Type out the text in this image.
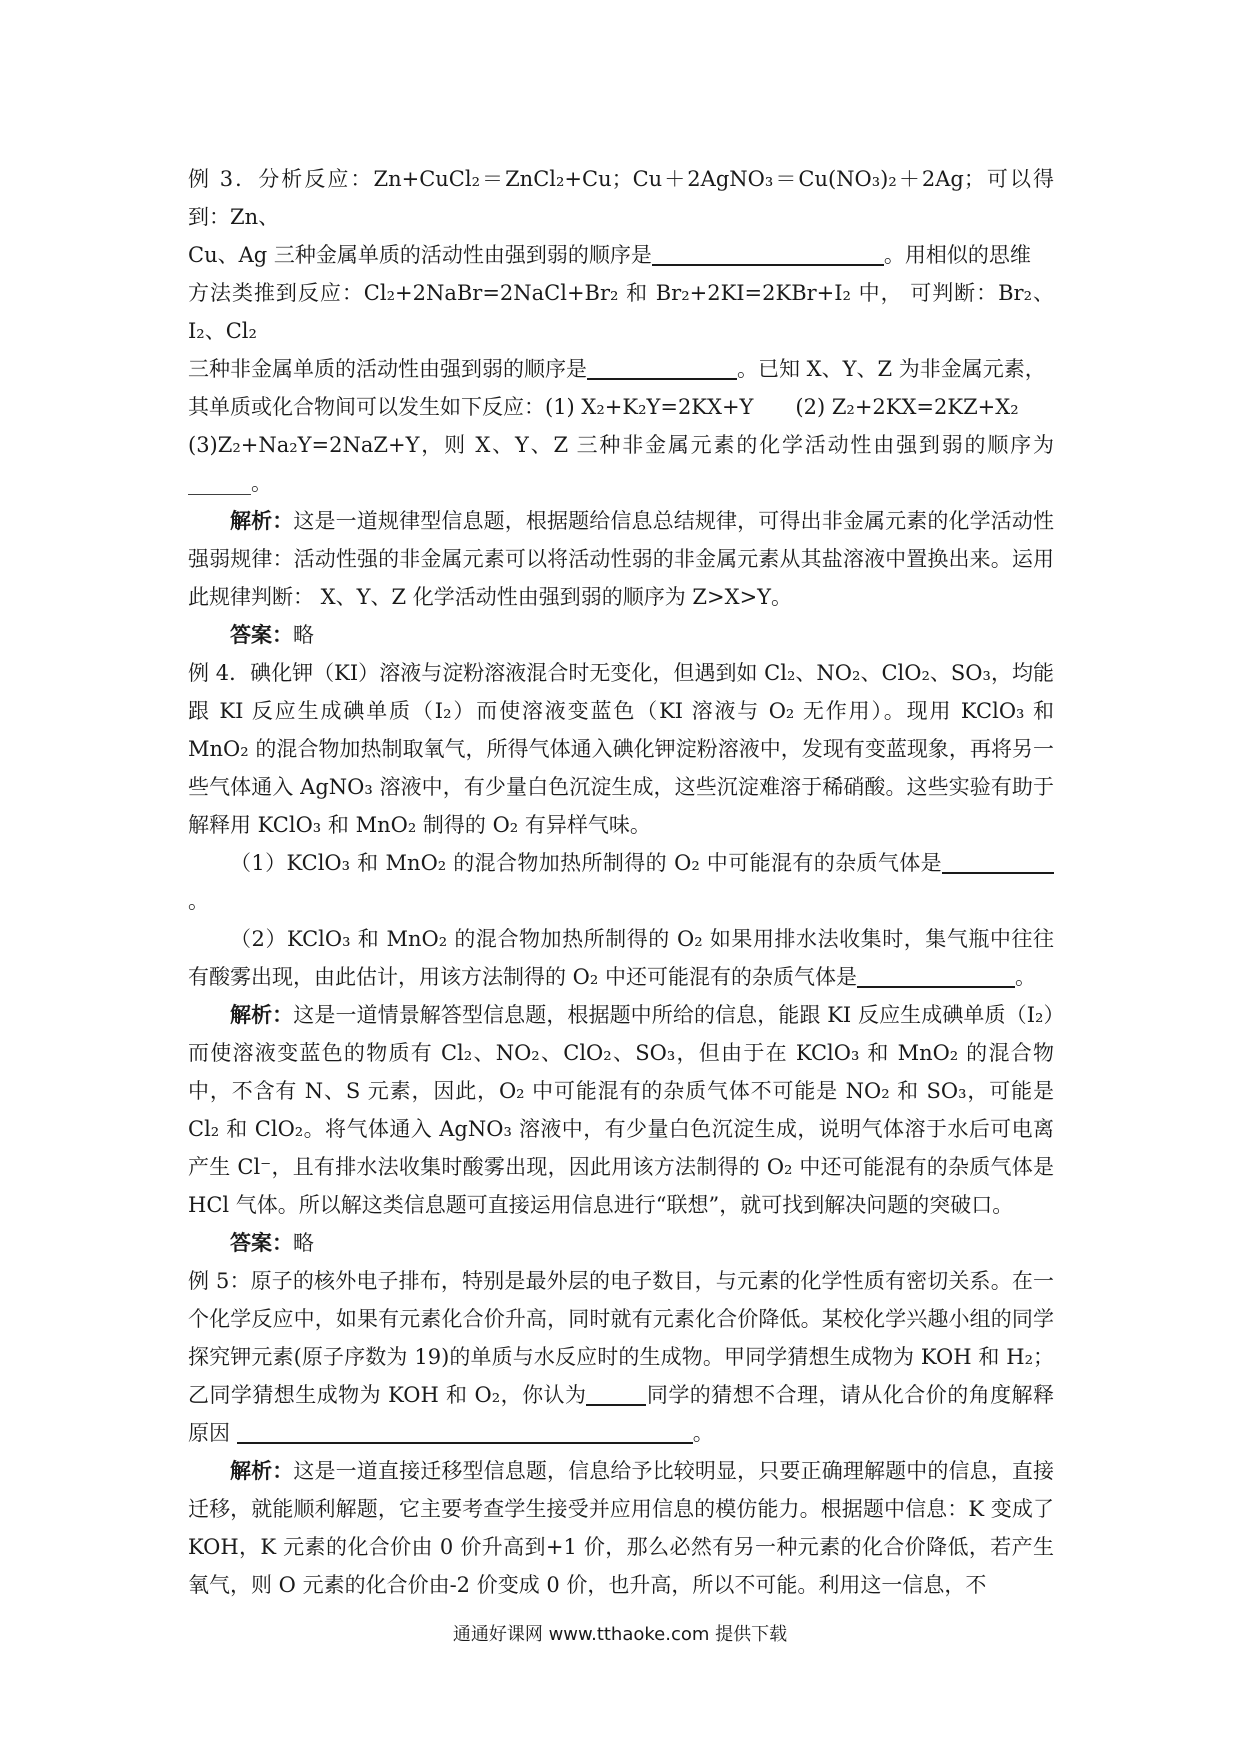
例 3．分析反应：Zn+CuCl₂＝ZnCl₂+Cu；Cu＋2AgNO₃＝Cu(NO₃)₂＋2Ag；可以得到：Zn、

Cu、Ag 三种金属单质的活动性由强到弱的顺序是	。用相似的思维

方法类推到反应：Cl₂+2NaBr=2NaCl+Br₂ 和 Br₂+2KI=2KBr+I₂ 中， 可判断：Br₂、I₂、Cl₂

三种非金属单质的活动性由强到弱的顺序是	。已知 X、Y、Z 为非金属元素，

其单质或化合物间可以发生如下反应：(1) X₂+K₂Y=2KX+Y　　(2) Z₂+2KX=2KZ+X₂

(3)Z₂+Na₂Y=2NaZ+Y，则 X、Y、Z 三种非金属元素的化学活动性由强到弱的顺序为______。

解析：这是一道规律型信息题，根据题给信息总结规律，可得出非金属元素的化学活动性强弱规律：活动性强的非金属元素可以将活动性弱的非金属元素从其盐溶液中置换出来。运用此规律判断： X、Y、Z 化学活动性由强到弱的顺序为 Z>X>Y。

答案：略

例 4．碘化钾（KI）溶液与淀粉溶液混合时无变化，但遇到如 Cl₂、NO₂、ClO₂、SO₃，均能跟 KI 反应生成碘单质（I₂）而使溶液变蓝色（KI 溶液与 O₂ 无作用）。现用 KClO₃ 和 MnO₂ 的混合物加热制取氧气，所得气体通入碘化钾淀粉溶液中，发现有变蓝现象，再将另一些气体通入 AgNO₃ 溶液中，有少量白色沉淀生成，这些沉淀难溶于稀硝酸。这些实验有助于解释用 KClO₃ 和 MnO₂ 制得的 O₂ 有异样气味。

（1）KClO₃ 和 MnO₂ 的混合物加热所制得的 O₂ 中可能混有的杂质气体是。

（2）KClO₃ 和 MnO₂ 的混合物加热所制得的 O₂ 如果用排水法收集时，集气瓶中往往有酸雾出现，由此估计，用该方法制得的 O₂ 中还可能混有的杂质气体是	。

解析：这是一道情景解答型信息题，根据题中所给的信息，能跟 KI 反应生成碘单质（I₂）而使溶液变蓝色的物质有 Cl₂、NO₂、ClO₂、SO₃，但由于在 KClO₃ 和 MnO₂ 的混合物中，不含有 N、S 元素，因此，O₂ 中可能混有的杂质气体不可能是 NO₂ 和 SO₃，可能是 Cl₂ 和 ClO₂。将气体通入 AgNO₃ 溶液中，有少量白色沉淀生成，说明气体溶于水后可电离产生 Cl⁻，且有排水法收集时酸雾出现，因此用该方法制得的 O₂ 中还可能混有的杂质气体是 HCl 气体。所以解这类信息题可直接运用信息进行“联想”，就可找到解决问题的突破口。

答案：略

例 5：原子的核外电子排布，特别是最外层的电子数目，与元素的化学性质有密切关系。在一个化学反应中，如果有元素化合价升高，同时就有元素化合价降低。某校化学兴趣小组的同学探究钾元素(原子序数为 19)的单质与水反应时的生成物。甲同学猜想生成物为 KOH 和 H₂；乙同学猜想生成物为 KOH 和 O₂，你认为	同学的猜想不合理，请从化合价的角度解释原因	。

解析：这是一道直接迁移型信息题，信息给予比较明显，只要正确理解题中的信息，直接迁移，就能顺利解题，它主要考查学生接受并应用信息的模仿能力。根据题中信息：K 变成了 KOH，K 元素的化合价由 0 价升高到+1 价，那么必然有另一种元素的化合价降低，若产生氧气，则 O 元素的化合价由-2 价变成 0 价，也升高，所以不可能。利用这一信息，不

通通好课网 www.tthaoke.com 提供下载
